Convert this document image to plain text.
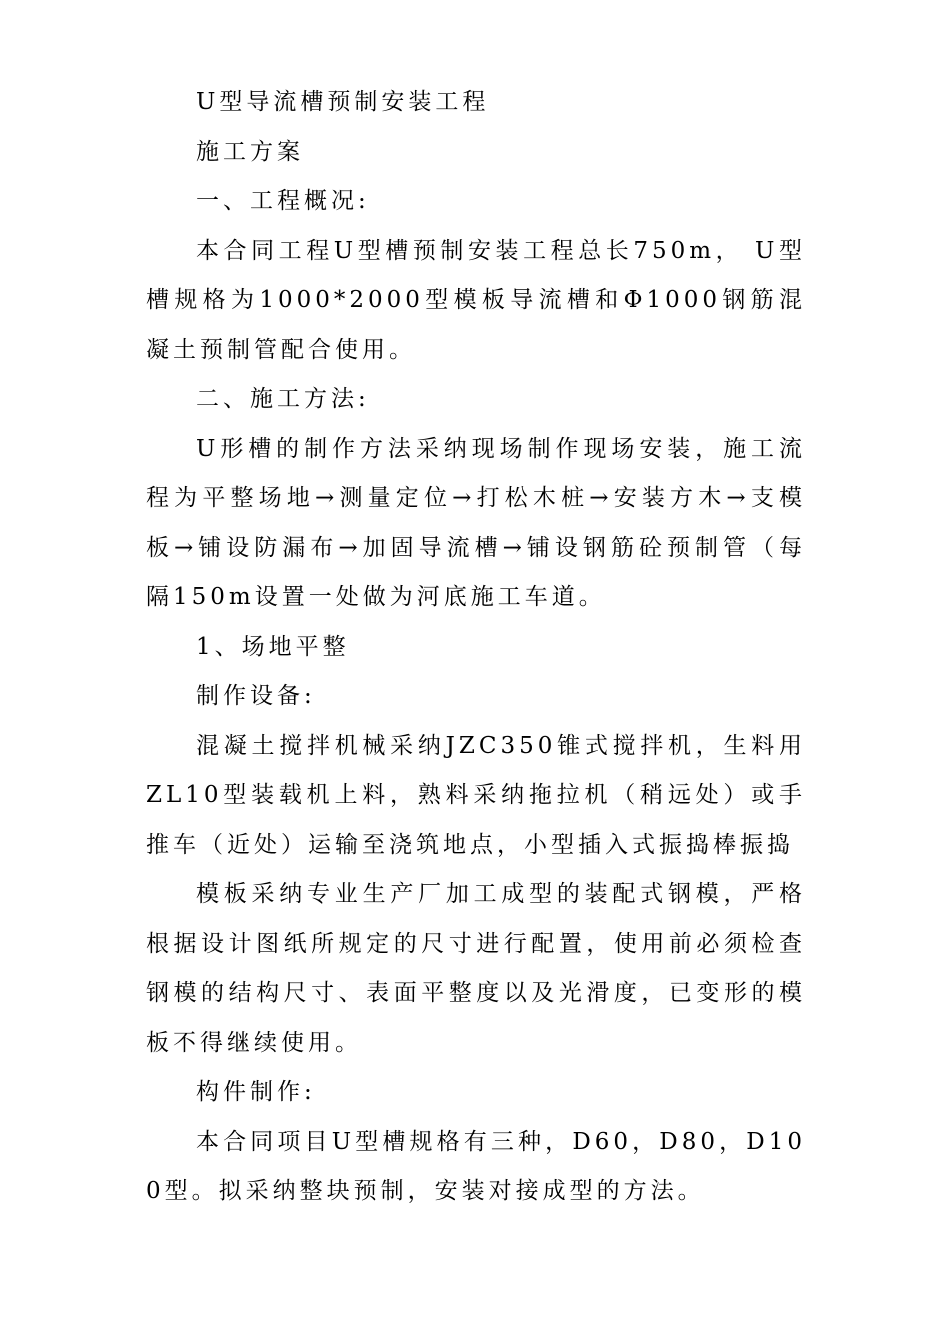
U型导流槽预制安装工程

施工方案

一、工程概况:

本合同工程U型槽预制安装工程总长750m， U型槽规格为1000*2000型模板导流槽和Φ1000钢筋混凝土预制管配合使用。

二、施工方法:

U形槽的制作方法采纳现场制作现场安装，施工流程为平整场地→测量定位→打松木桩→安装方木→支模板→铺设防漏布→加固导流槽→铺设钢筋砼预制管（每隔150m设置一处做为河底施工车道。

1、场地平整

制作设备:

混凝土搅拌机械采纳JZC350锥式搅拌机，生料用ZL10型装载机上料，熟料采纳拖拉机（稍远处）或手推车（近处）运输至浇筑地点，小型插入式振捣棒振捣

模板采纳专业生产厂加工成型的装配式钢模，严格根据设计图纸所规定的尺寸进行配置，使用前必须检查钢模的结构尺寸、表面平整度以及光滑度，已变形的模板不得继续使用。

构件制作:

本合同项目U型槽规格有三种，D60，D80，D100型。拟采纳整块预制，安装对接成型的方法。
